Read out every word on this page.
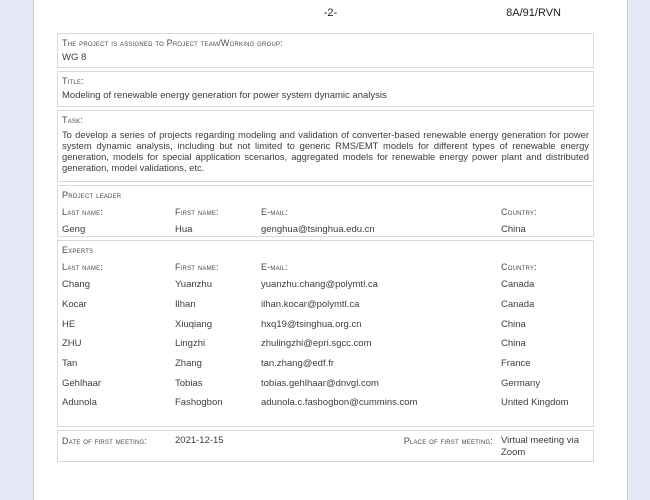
-2-	8A/91/RVN
The project is assigned to Project team/Working group:
WG 8
Title:
Modeling of renewable energy generation for power system dynamic analysis
Task:
To develop a series of projects regarding modeling and validation of converter-based renewable energy generation for power system dynamic analysis, including but not limited to generic RMS/EMT models for different types of renewable energy generation, models for special application scenarios, aggregated models for renewable energy power plant and distributed generation, model validations, etc.
Project leader
Last name:	First name:	E-mail:	Country:
Geng	Hua	genghua@tsinghua.edu.cn	China
Experts
Last name:	First name:	E-mail:	Country:
Chang	Yuanzhu	yuanzhu.chang@polymtl.ca	Canada
Kocar	Ilhan	ilhan.kocar@polymtl.ca	Canada
HE	Xiuqiang	hxq19@tsinghua.org.cn	China
ZHU	Lingzhi	zhulingzhi@epri.sgcc.com	China
Tan	Zhang	tan.zhang@edf.fr	France
Gehlhaar	Tobias	tobias.gehlhaar@dnvgl.com	Germany
Adunola	Fashogbon	adunola.c.fashogbon@cummins.com	United Kingdom
Date of first meeting:	2021-12-15	Place of first meeting: Virtual meeting via Zoom
